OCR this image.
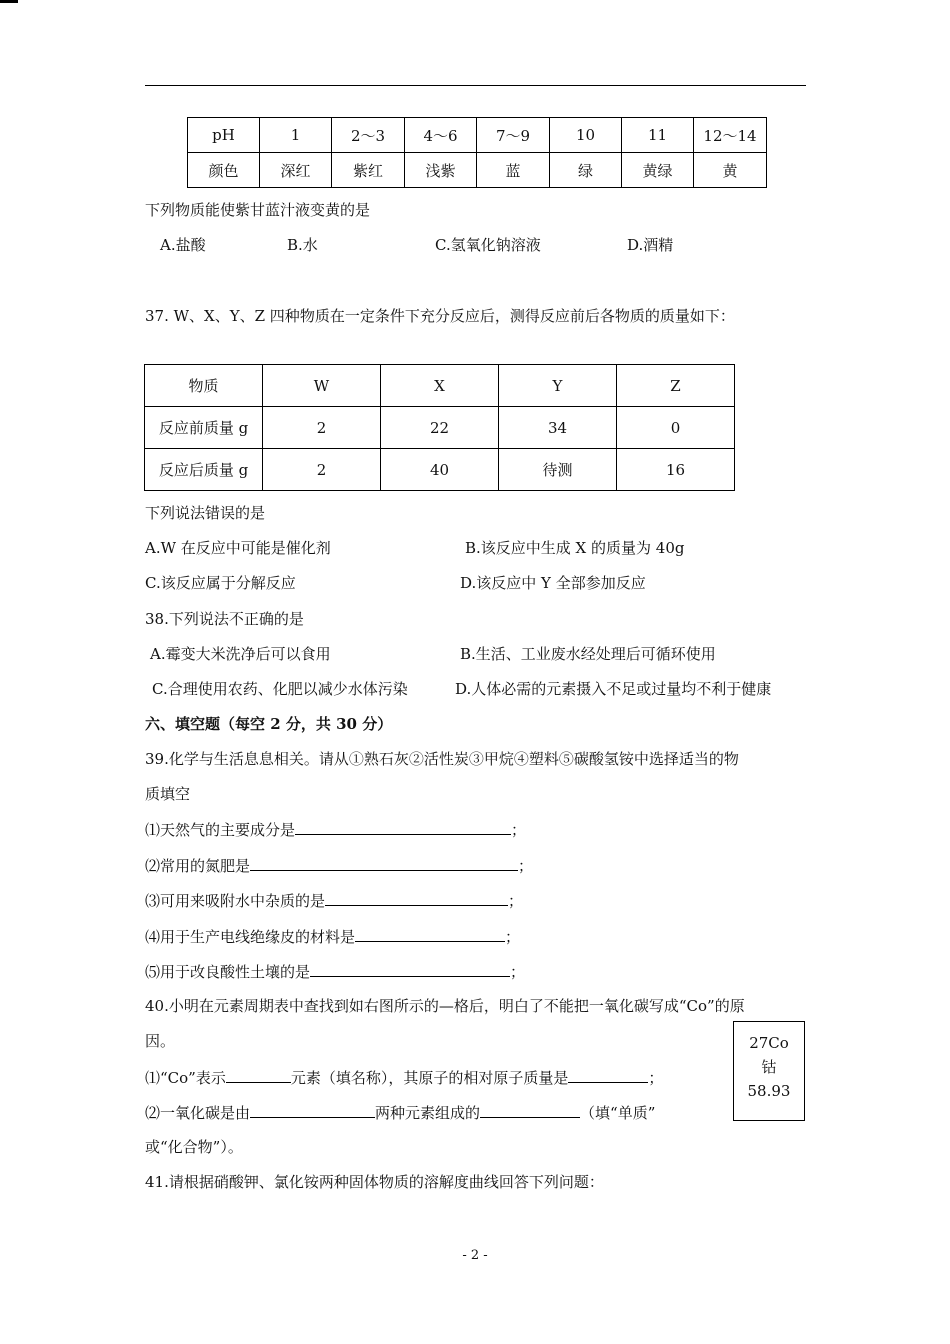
pH	1	2～3	4～6	7～9	10	11	12～14
颜色	深红	紫红	浅紫	蓝	绿	黄绿	黄
下列物质能使紫甘蓝汁液变黄的是
A.盐酸	B.水	C.氢氧化钠溶液	D.酒精
37. W、X、Y、Z 四种物质在一定条件下充分反应后，测得反应前后各物质的质量如下：
物质	W	X	Y	Z
反应前质量 g	2	22	34	0
反应后质量 g	2	40	待测	16
下列说法错误的是
A.W 在反应中可能是催化剂	B.该反应中生成 X 的质量为 40g
C.该反应属于分解反应	D.该反应中 Y 全部参加反应
38.下列说法不正确的是
A.霉变大米洗净后可以食用	B.生活、工业废水经处理后可循环使用
C.合理使用农药、化肥以减少水体污染	D.人体必需的元素摄入不足或过量均不利于健康
六、填空题（每空 2 分，共 30 分）
39.化学与生活息息相关。请从①熟石灰②活性炭③甲烷④塑料⑤碳酸氢铵中选择适当的物
质填空
⑴天然气的主要成分是	；
⑵常用的氮肥是	；
⑶可用来吸附水中杂质的是	；
⑷用于生产电线绝缘皮的材料是	；
⑸用于改良酸性土壤的是	；
40.小明在元素周期表中查找到如右图所示的—格后，明白了不能把一氧化碳写成“Co”的原
因。
⑴“Co”表示	元素（填名称），其原子的相对原子质量是	；
⑵一氧化碳是由	两种元素组成的	（填“单质”
或“化合物”）。
27Co
钴
58.93
41.请根据硝酸钾、氯化铵两种固体物质的溶解度曲线回答下列问题：
- 2 -
